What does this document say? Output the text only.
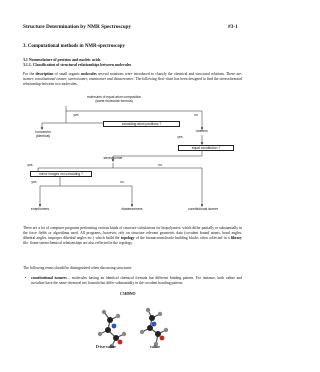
Structure Determination by NMR Spectroscopy	#3-1
3. Computational methods in NMR-spectroscopy
3.1 Nomenclature of proteins and nucleic acids
3.1.1. Classification of structural relationships between molecules

For the description of small organic molecules several notations were introduced to classify the chemical and structural relations. These are: isomer, constitutional isomer, stereoisomer, enantiomer and diastereomer. The following flow-chart has been designed to find the stereochemical relationship between two molecules.

molecules of equal atom composition
(same molecular formula)
yes	no
coinciding atom positions ?
homomers
(identical)
isomers
yes
equal constitution ?
stereoisomer
yes	no
mirror images not coinciding ?
yes	no
enantiomers	diastereomers	constitutional isomer

There are a lot of computer programs performing various kinds of structure calculations for biopolymers, which differ partially or substantially in the force fields or algorithms used. All programs, however, rely on structure relevant geometric data (covalent bound atoms, bond angles, dihedral angles, improper dihedral angles etc.) which build the topology of the biomacromolecule building blocks often collected in a library file. Some stereochemical relationships are also reflected in the topology.

The following terms should be distinguished when discussing structures:

• constitutional isomers – molecules having an identical chemical formula but different binding pattern. For instance, both valine and isovaline have the same chemical net formula but differ substantially in the covalent bonding pattern;

C5H9NO
D-iso-valine	valine
